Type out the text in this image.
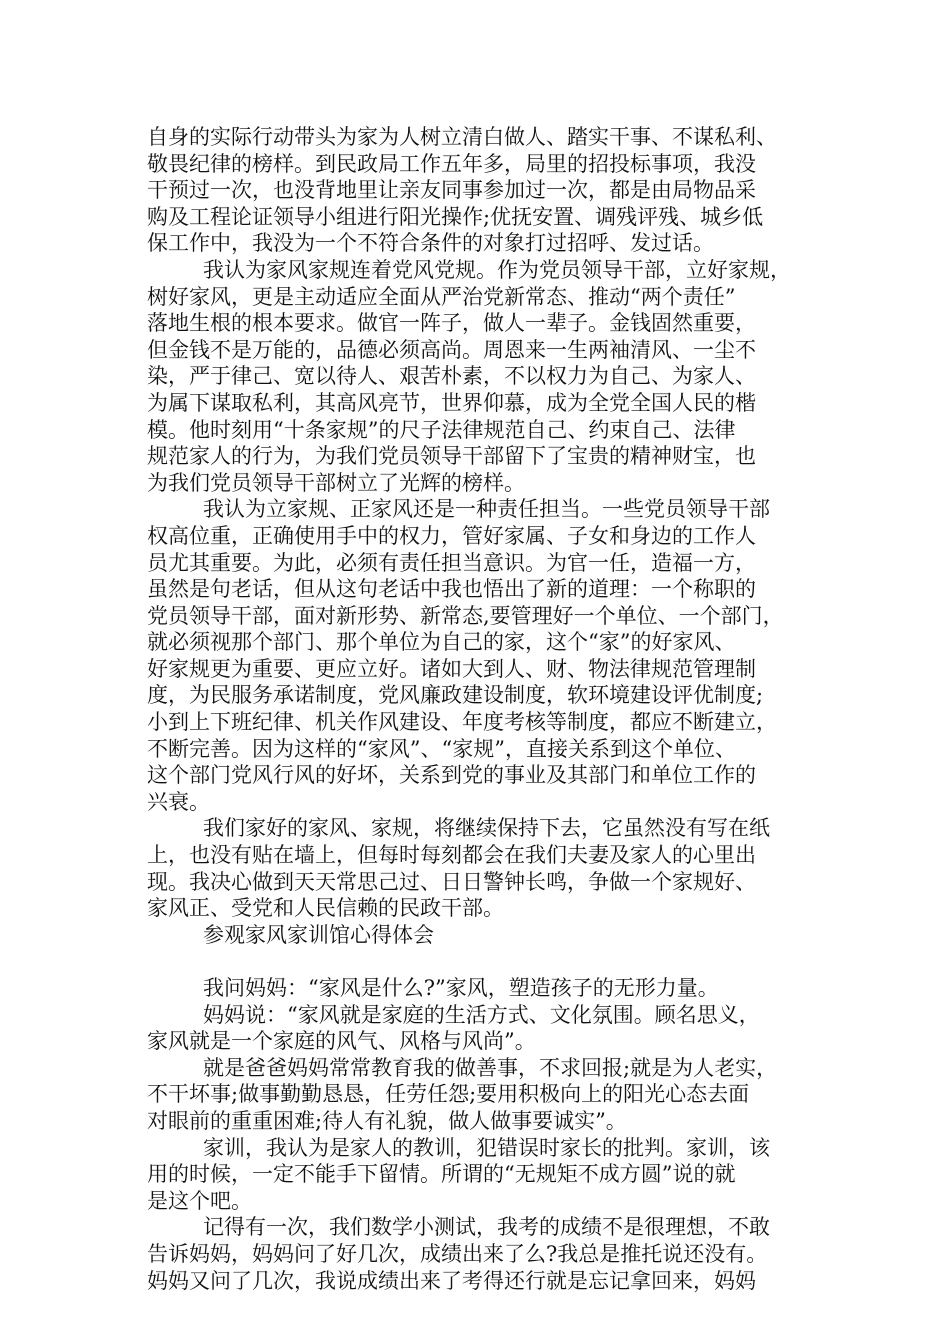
自身的实际行动带头为家为人树立清白做人、踏实干事、不谋私利、
敬畏纪律的榜样。到民政局工作五年多，局里的招投标事项，我没
干预过一次，也没背地里让亲友同事参加过一次，都是由局物品采
购及工程论证领导小组进行阳光操作;优抚安置、调残评残、城乡低
保工作中，我没为一个不符合条件的对象打过招呼、发过话。

我认为家风家规连着党风党规。作为党员领导干部，立好家规，
树好家风，更是主动适应全面从严治党新常态、推动“两个责任”
落地生根的根本要求。做官一阵子，做人一辈子。金钱固然重要，
但金钱不是万能的，品德必须高尚。周恩来一生两袖清风、一尘不
染，严于律己、宽以待人、艰苦朴素，不以权力为自己、为家人、
为属下谋取私利，其高风亮节，世界仰慕，成为全党全国人民的楷
模。他时刻用“十条家规”的尺子法律规范自己、约束自己、法律
规范家人的行为，为我们党员领导干部留下了宝贵的精神财宝，也
为我们党员领导干部树立了光辉的榜样。

我认为立家规、正家风还是一种责任担当。一些党员领导干部
权高位重，正确使用手中的权力，管好家属、子女和身边的工作人
员尤其重要。为此，必须有责任担当意识。为官一任，造福一方，
虽然是句老话，但从这句老话中我也悟出了新的道理：一个称职的
党员领导干部，面对新形势、新常态,要管理好一个单位、一个部门，
就必须视那个部门、那个单位为自己的家，这个“家”的好家风、
好家规更为重要、更应立好。诸如大到人、财、物法律规范管理制
度，为民服务承诺制度，党风廉政建设制度，软环境建设评优制度;
小到上下班纪律、机关作风建设、年度考核等制度，都应不断建立，
不断完善。因为这样的“家风”、“家规”，直接关系到这个单位、
这个部门党风行风的好坏，关系到党的事业及其部门和单位工作的
兴衰。

我们家好的家风、家规，将继续保持下去，它虽然没有写在纸
上，也没有贴在墙上，但每时每刻都会在我们夫妻及家人的心里出
现。我决心做到天天常思己过、日日警钟长鸣，争做一个家规好、
家风正、受党和人民信赖的民政干部。

参观家风家训馆心得体会

我问妈妈：“家风是什么?”家风，塑造孩子的无形力量。

妈妈说：“家风就是家庭的生活方式、文化氛围。顾名思义，
家风就是一个家庭的风气、风格与风尚”。

就是爸爸妈妈常常教育我的做善事，不求回报;就是为人老实，
不干坏事;做事勤勤恳恳，任劳任怨;要用积极向上的阳光心态去面
对眼前的重重困难;待人有礼貌，做人做事要诚实”。

家训，我认为是家人的教训，犯错误时家长的批判。家训，该
用的时候，一定不能手下留情。所谓的“无规矩不成方圆”说的就
是这个吧。

记得有一次，我们数学小测试，我考的成绩不是很理想，不敢
告诉妈妈，妈妈问了好几次，成绩出来了么?我总是推托说还没有。
妈妈又问了几次，我说成绩出来了考得还行就是忘记拿回来，妈妈
